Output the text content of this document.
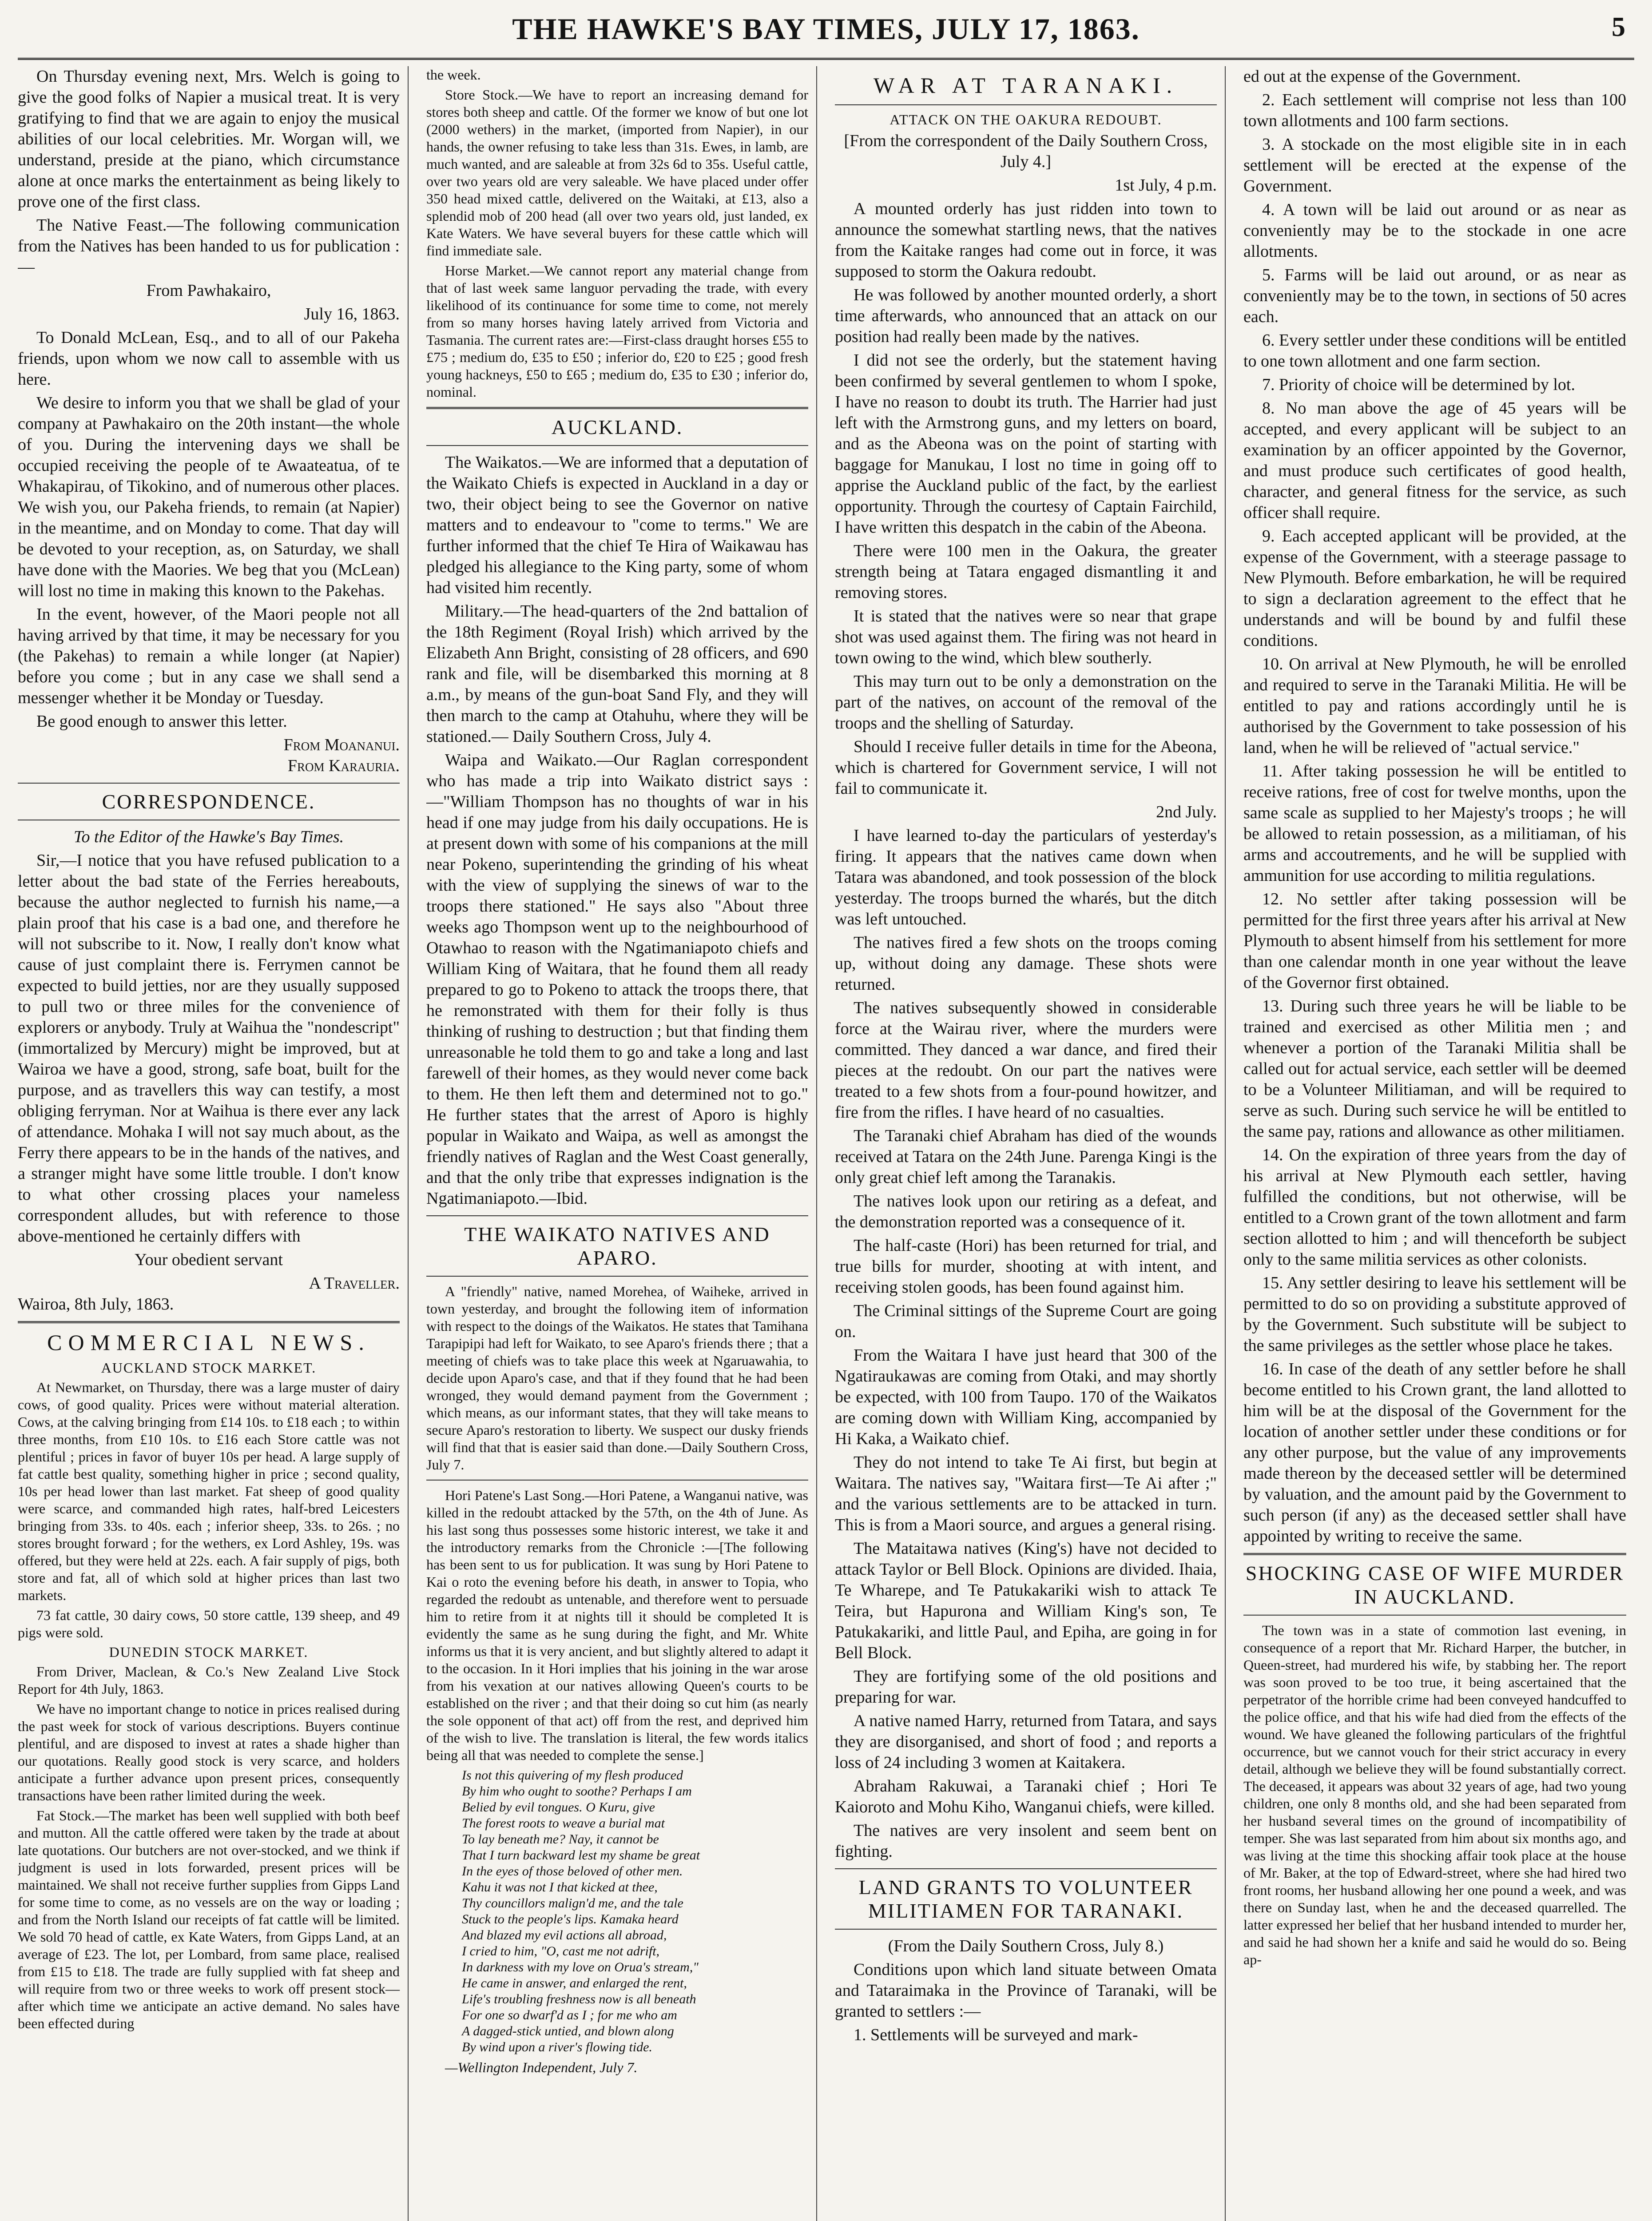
THE HAWKE'S BAY TIMES, JULY 17, 1863.	5

On Thursday evening next, Mrs. Welch is going to give the good folks of Napier a musical treat. It is very gratifying to find that we are again to enjoy the musical abilities of our local celebrities. Mr. Worgan will, we understand, preside at the piano, which circumstance alone at once marks the entertainment as being likely to prove one of the first class.

The Native Feast.—The following communication from the Natives has been handed to us for publication :—

From Pawhakairo,

July 16, 1863.

To Donald McLean, Esq., and to all of our Pakeha friends, upon whom we now call to assemble with us here.

We desire to inform you that we shall be glad of your company at Pawhakairo on the 20th instant—the whole of you. During the intervening days we shall be occupied receiving the people of te Awaateatua, of te Whakapirau, of Tikokino, and of numerous other places. We wish you, our Pakeha friends, to remain (at Napier) in the meantime, and on Monday to come. That day will be devoted to your reception, as, on Saturday, we shall have done with the Maories. We beg that you (McLean) will lost no time in making this known to the Pakehas.

In the event, however, of the Maori people not all having arrived by that time, it may be necessary for you (the Pakehas) to remain a while longer (at Napier) before you come ; but in any case we shall send a messenger whether it be Monday or Tuesday.

Be good enough to answer this letter.

From Moananui.

From Karauria.

CORRESPONDENCE.

To the Editor of the Hawke's Bay Times.

Sir,—I notice that you have refused publication to a letter about the bad state of the Ferries hereabouts, because the author neglected to furnish his name,—a plain proof that his case is a bad one, and therefore he will not subscribe to it. Now, I really don't know what cause of just complaint there is. Ferrymen cannot be expected to build jetties, nor are they usually supposed to pull two or three miles for the convenience of explorers or anybody. Truly at Waihua the "nondescript" (immortalized by Mercury) might be improved, but at Wairoa we have a good, strong, safe boat, built for the purpose, and as travellers this way can testify, a most obliging ferryman. Nor at Waihua is there ever any lack of attendance. Mohaka I will not say much about, as the Ferry there appears to be in the hands of the natives, and a stranger might have some little trouble. I don't know to what other crossing places your nameless correspondent alludes, but with reference to those above-mentioned he certainly differs with

Your obedient servant

A Traveller.

Wairoa, 8th July, 1863.

COMMERCIAL NEWS.
AUCKLAND STOCK MARKET.

At Newmarket, on Thursday, there was a large muster of dairy cows, of good quality. Prices were without material alteration. Cows, at the calving bringing from £14 10s. to £18 each ; to within three months, from £10 10s. to £16 each Store cattle was not plentiful ; prices in favor of buyer 10s per head. A large supply of fat cattle best quality, something higher in price ; second quality, 10s per head lower than last market. Fat sheep of good quality were scarce, and commanded high rates, half-bred Leicesters bringing from 33s. to 40s. each ; inferior sheep, 33s. to 26s. ; no stores brought forward ; for the wethers, ex Lord Ashley, 19s. was offered, but they were held at 22s. each. A fair supply of pigs, both store and fat, all of which sold at higher prices than last two markets.

73 fat cattle, 30 dairy cows, 50 store cattle, 139 sheep, and 49 pigs were sold.

DUNEDIN STOCK MARKET.

From Driver, Maclean, & Co.'s New Zealand Live Stock Report for 4th July, 1863.

We have no important change to notice in prices realised during the past week for stock of various descriptions. Buyers continue plentiful, and are disposed to invest at rates a shade higher than our quotations. Really good stock is very scarce, and holders anticipate a further advance upon present prices, consequently transactions have been rather limited during the week.

Fat Stock.—The market has been well supplied with both beef and mutton. All the cattle offered were taken by the trade at about late quotations. Our butchers are not over-stocked, and we think if judgment is used in lots forwarded, present prices will be maintained. We shall not receive further supplies from Gipps Land for some time to come, as no vessels are on the way or loading ; and from the North Island our receipts of fat cattle will be limited. We sold 70 head of cattle, ex Kate Waters, from Gipps Land, at an average of £23. The lot, per Lombard, from same place, realised from £15 to £18. The trade are fully supplied with fat sheep and will require from two or three weeks to work off present stock—after which time we anticipate an active demand. No sales have been effected during

the week.

Store Stock.—We have to report an increasing demand for stores both sheep and cattle. Of the former we know of but one lot (2000 wethers) in the market, (imported from Napier), in our hands, the owner refusing to take less than 31s. Ewes, in lamb, are much wanted, and are saleable at from 32s 6d to 35s. Useful cattle, over two years old are very saleable. We have placed under offer 350 head mixed cattle, delivered on the Waitaki, at £13, also a splendid mob of 200 head (all over two years old, just landed, ex Kate Waters. We have several buyers for these cattle which will find immediate sale.

Horse Market.—We cannot report any material change from that of last week same languor pervading the trade, with every likelihood of its continuance for some time to come, not merely from so many horses having lately arrived from Victoria and Tasmania. The current rates are:—First-class draught horses £55 to £75 ; medium do, £35 to £50 ; inferior do, £20 to £25 ; good fresh young hackneys, £50 to £65 ; medium do, £35 to £30 ; inferior do, nominal.

AUCKLAND.

The Waikatos.—We are informed that a deputation of the Waikato Chiefs is expected in Auckland in a day or two, their object being to see the Governor on native matters and to endeavour to "come to terms." We are further informed that the chief Te Hira of Waikawau has pledged his allegiance to the King party, some of whom had visited him recently.

Military.—The head-quarters of the 2nd battalion of the 18th Regiment (Royal Irish) which arrived by the Elizabeth Ann Bright, consisting of 28 officers, and 690 rank and file, will be disembarked this morning at 8 a.m., by means of the gun-boat Sand Fly, and they will then march to the camp at Otahuhu, where they will be stationed.— Daily Southern Cross, July 4.

Waipa and Waikato.—Our Raglan correspondent who has made a trip into Waikato district says :—"William Thompson has no thoughts of war in his head if one may judge from his daily occupations. He is at present down with some of his companions at the mill near Pokeno, superintending the grinding of his wheat with the view of supplying the sinews of war to the troops there stationed." He says also "About three weeks ago Thompson went up to the neighbourhood of Otawhao to reason with the Ngatimaniapoto chiefs and William King of Waitara, that he found them all ready prepared to go to Pokeno to attack the troops there, that he remonstrated with them for their folly is thus thinking of rushing to destruction ; but that finding them unreasonable he told them to go and take a long and last farewell of their homes, as they would never come back to them. He then left them and determined not to go." He further states that the arrest of Aporo is highly popular in Waikato and Waipa, as well as amongst the friendly natives of Raglan and the West Coast generally, and that the only tribe that expresses indignation is the Ngatimaniapoto.—Ibid.

THE WAIKATO NATIVES AND APARO.

A "friendly" native, named Morehea, of Waiheke, arrived in town yesterday, and brought the following item of information with respect to the doings of the Waikatos. He states that Tamihana Tarapipipi had left for Waikato, to see Aparo's friends there ; that a meeting of chiefs was to take place this week at Ngaruawahia, to decide upon Aparo's case, and that if they found that he had been wronged, they would demand payment from the Government ; which means, as our informant states, that they will take means to secure Aparo's restoration to liberty. We suspect our dusky friends will find that that is easier said than done.—Daily Southern Cross, July 7.

Hori Patene's Last Song.—Hori Patene, a Wanganui native, was killed in the redoubt attacked by the 57th, on the 4th of June. As his last song thus possesses some historic interest, we take it and the introductory remarks from the Chronicle :—[The following has been sent to us for publication. It was sung by Hori Patene to Kai o roto the evening before his death, in answer to Topia, who regarded the redoubt as untenable, and therefore went to persuade him to retire from it at nights till it should be completed It is evidently the same as he sung during the fight, and Mr. White informs us that it is very ancient, and but slightly altered to adapt it to the occasion. In it Hori implies that his joining in the war arose from his vexation at our natives allowing Queen's courts to be established on the river ; and that their doing so cut him (as nearly the sole opponent of that act) off from the rest, and deprived him of the wish to live. The translation is literal, the few words italics being all that was needed to complete the sense.]

Is not this quivering of my flesh produced
By him who ought to soothe? Perhaps I am
Belied by evil tongues. O Kuru, give
The forest roots to weave a burial mat
To lay beneath me? Nay, it cannot be
That I turn backward lest my shame be great
In the eyes of those beloved of other men.
Kahu it was not I that kicked at thee,
Thy councillors malign'd me, and the tale
Stuck to the people's lips. Kamaka heard
And blazed my evil actions all abroad,
I cried to him, "O, cast me not adrift,
In darkness with my love on Orua's stream,"
He came in answer, and enlarged the rent,
Life's troubling freshness now is all beneath
For one so dwarf'd as I ; for me who am
A dagged-stick untied, and blown along
By wind upon a river's flowing tide.

—Wellington Independent, July 7.

WAR AT TARANAKI.
ATTACK ON THE OAKURA REDOUBT.

[From the correspondent of the Daily Southern Cross, July 4.]

1st July, 4 p.m.

A mounted orderly has just ridden into town to announce the somewhat startling news, that the natives from the Kaitake ranges had come out in force, it was supposed to storm the Oakura redoubt.

He was followed by another mounted orderly, a short time afterwards, who announced that an attack on our position had really been made by the natives.

I did not see the orderly, but the statement having been confirmed by several gentlemen to whom I spoke, I have no reason to doubt its truth. The Harrier had just left with the Armstrong guns, and my letters on board, and as the Abeona was on the point of starting with baggage for Manukau, I lost no time in going off to apprise the Auckland public of the fact, by the earliest opportunity. Through the courtesy of Captain Fairchild, I have written this despatch in the cabin of the Abeona.

There were 100 men in the Oakura, the greater strength being at Tatara engaged dismantling it and removing stores.

It is stated that the natives were so near that grape shot was used against them. The firing was not heard in town owing to the wind, which blew southerly.

This may turn out to be only a demonstration on the part of the natives, on account of the removal of the troops and the shelling of Saturday.

Should I receive fuller details in time for the Abeona, which is chartered for Government service, I will not fail to communicate it.

2nd July.

I have learned to-day the particulars of yesterday's firing. It appears that the natives came down when Tatara was abandoned, and took possession of the block yesterday. The troops burned the wharés, but the ditch was left untouched.

The natives fired a few shots on the troops coming up, without doing any damage. These shots were returned.

The natives subsequently showed in considerable force at the Wairau river, where the murders were committed. They danced a war dance, and fired their pieces at the redoubt. On our part the natives were treated to a few shots from a four-pound howitzer, and fire from the rifles. I have heard of no casualties.

The Taranaki chief Abraham has died of the wounds received at Tatara on the 24th June. Parenga Kingi is the only great chief left among the Taranakis.

The natives look upon our retiring as a defeat, and the demonstration reported was a consequence of it.

The half-caste (Hori) has been returned for trial, and true bills for murder, shooting at with intent, and receiving stolen goods, has been found against him.

The Criminal sittings of the Supreme Court are going on.

From the Waitara I have just heard that 300 of the Ngatiraukawas are coming from Otaki, and may shortly be expected, with 100 from Taupo. 170 of the Waikatos are coming down with William King, accompanied by Hi Kaka, a Waikato chief.

They do not intend to take Te Ai first, but begin at Waitara. The natives say, "Waitara first—Te Ai after ;" and the various settlements are to be attacked in turn. This is from a Maori source, and argues a general rising.

The Mataitawa natives (King's) have not decided to attack Taylor or Bell Block. Opinions are divided. Ihaia, Te Wharepe, and Te Patukakariki wish to attack Te Teira, but Hapurona and William King's son, Te Patukakariki, and little Paul, and Epiha, are going in for Bell Block.

They are fortifying some of the old positions and preparing for war.

A native named Harry, returned from Tatara, and says they are disorganised, and short of food ; and reports a loss of 24 including 3 women at Kaitakera.

Abraham Rakuwai, a Taranaki chief ; Hori Te Kaioroto and Mohu Kiho, Wanganui chiefs, were killed.

The natives are very insolent and seem bent on fighting.

LAND GRANTS TO VOLUNTEER MILITIAMEN FOR TARANAKI.

(From the Daily Southern Cross, July 8.)

Conditions upon which land situate between Omata and Tataraimaka in the Province of Taranaki, will be granted to settlers :—

1. Settlements will be surveyed and mark-

ed out at the expense of the Government.

2. Each settlement will comprise not less than 100 town allotments and 100 farm sections.

3. A stockade on the most eligible site in in each settlement will be erected at the expense of the Government.

4. A town will be laid out around or as near as conveniently may be to the stockade in one acre allotments.

5. Farms will be laid out around, or as near as conveniently may be to the town, in sections of 50 acres each.

6. Every settler under these conditions will be entitled to one town allotment and one farm section.

7. Priority of choice will be determined by lot.

8. No man above the age of 45 years will be accepted, and every applicant will be subject to an examination by an officer appointed by the Governor, and must produce such certificates of good health, character, and general fitness for the service, as such officer shall require.

9. Each accepted applicant will be provided, at the expense of the Government, with a steerage passage to New Plymouth. Before embarkation, he will be required to sign a declaration agreement to the effect that he understands and will be bound by and fulfil these conditions.

10. On arrival at New Plymouth, he will be enrolled and required to serve in the Taranaki Militia. He will be entitled to pay and rations accordingly until he is authorised by the Government to take possession of his land, when he will be relieved of "actual service."

11. After taking possession he will be entitled to receive rations, free of cost for twelve months, upon the same scale as supplied to her Majesty's troops ; he will be allowed to retain possession, as a militiaman, of his arms and accoutrements, and he will be supplied with ammunition for use according to militia regulations.

12. No settler after taking possession will be permitted for the first three years after his arrival at New Plymouth to absent himself from his settlement for more than one calendar month in one year without the leave of the Governor first obtained.

13. During such three years he will be liable to be trained and exercised as other Militia men ; and whenever a portion of the Taranaki Militia shall be called out for actual service, each settler will be deemed to be a Volunteer Militiaman, and will be required to serve as such. During such service he will be entitled to the same pay, rations and allowance as other militiamen.

14. On the expiration of three years from the day of his arrival at New Plymouth each settler, having fulfilled the conditions, but not otherwise, will be entitled to a Crown grant of the town allotment and farm section allotted to him ; and will thenceforth be subject only to the same militia services as other colonists.

15. Any settler desiring to leave his settlement will be permitted to do so on providing a substitute approved of by the Government. Such substitute will be subject to the same privileges as the settler whose place he takes.

16. In case of the death of any settler before he shall become entitled to his Crown grant, the land allotted to him will be at the disposal of the Government for the location of another settler under these conditions or for any other purpose, but the value of any improvements made thereon by the deceased settler will be determined by valuation, and the amount paid by the Government to such person (if any) as the deceased settler shall have appointed by writing to receive the same.

SHOCKING CASE OF WIFE MURDER IN AUCKLAND.

The town was in a state of commotion last evening, in consequence of a report that Mr. Richard Harper, the butcher, in Queen-street, had murdered his wife, by stabbing her. The report was soon proved to be too true, it being ascertained that the perpetrator of the horrible crime had been conveyed handcuffed to the police office, and that his wife had died from the effects of the wound. We have gleaned the following particulars of the frightful occurrence, but we cannot vouch for their strict accuracy in every detail, although we believe they will be found substantially correct. The deceased, it appears was about 32 years of age, had two young children, one only 8 months old, and she had been separated from her husband several times on the ground of incompatibility of temper. She was last separated from him about six months ago, and was living at the time this shocking affair took place at the house of Mr. Baker, at the top of Edward-street, where she had hired two front rooms, her husband allowing her one pound a week, and was there on Sunday last, when he and the deceased quarrelled. The latter expressed her belief that her husband intended to murder her, and said he had shown her a knife and said he would do so. Being ap-
